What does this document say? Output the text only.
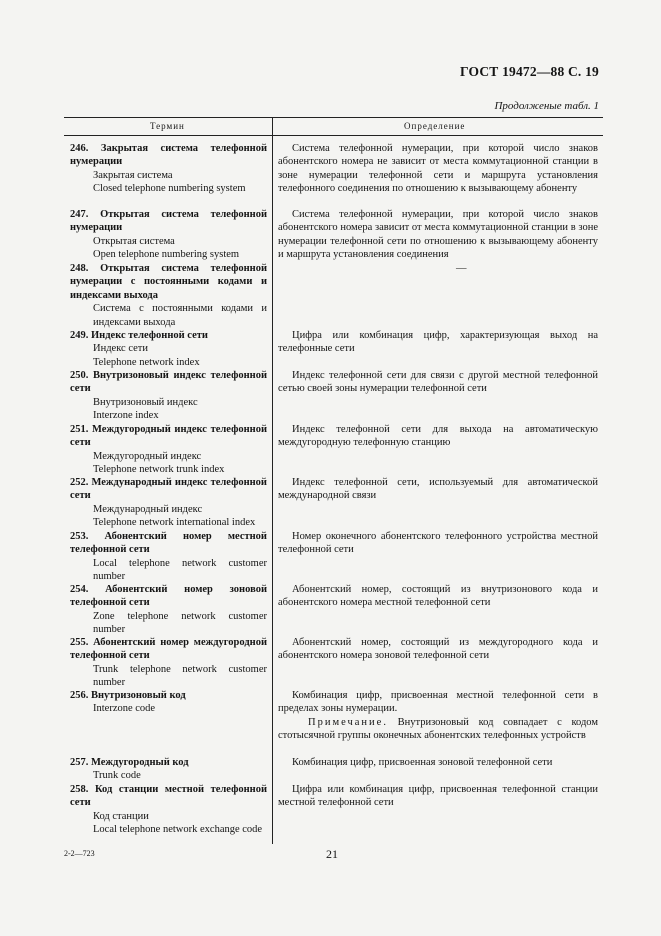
ГОСТ 19472—88 С. 19
Продолженые табл. 1
Термин	Определение
246. Закрытая система телефонной нумерации
Закрытая система
Closed telephone numbering system
Система телефонной нумерации, при которой число знаков абонентского номера не зависит от места коммутационной станции в зоне нумерации телефонной сети и маршрута установления телефонного соединения по отношению к вызывающему абоненту
247. Открытая система телефонной нумерации
Открытая система
Open telephone numbering system
Система телефонной нумерации, при которой число знаков абонентского номера зависит от места коммутационной станции в зоне нумерации телефонной сети по отношению к вызывающему абоненту и маршрута установления соединения
248. Открытая система телефонной нумерации с постоянными кодами и индексами выхода
Система с постоянными кодами и индексами выхода
—
249. Индекс телефонной сети
Индекс сети
Telephone network index
Цифра или комбинация цифр, характеризующая выход на телефонные сети
250. Внутризоновый индекс телефонной сети
Внутризоновый индекс
Interzone index
Индекс телефонной сети для связи с другой местной телефонной сетью своей зоны нумерации телефонной сети
251. Междугородный индекс телефонной сети
Междугородный индекс
Telephone network trunk index
Индекс телефонной сети для выхода на автоматическую междугородную телефонную станцию
252. Международный индекс телефонной сети
Международный индекс
Telephone network international index
Индекс телефонной сети, используемый для автоматической международной связи
253. Абонентский номер местной телефонной сети
Local telephone network customer number
Номер оконечного абонентского телефонного устройства местной телефонной сети
254. Абонентский номер зоновой телефонной сети
Zone telephone network customer number
Абонентский номер, состоящий из внутризонового кода и абонентского номера местной телефонной сети
255. Абонентский номер междугородной телефонной сети
Trunk telephone network customer number
Абонентский номер, состоящий из междугородного кода и абонентского номера зоновой телефонной сети
256. Внутризоновый код
Interzone code
Комбинация цифр, присвоенная местной телефонной сети в пределах зоны нумерации.
Примечание. Внутризоновый код совпадает с кодом стотысячной группы оконечных абонентских телефонных устройств
257. Междугородный код
Trunk code
Комбинация цифр, присвоенная зоновой телефонной сети
258. Код станции местной телефонной сети
Код станции
Local telephone network exchange code
Цифра или комбинация цифр, присвоенная телефонной станции местной телефонной сети
21
2-2—723
